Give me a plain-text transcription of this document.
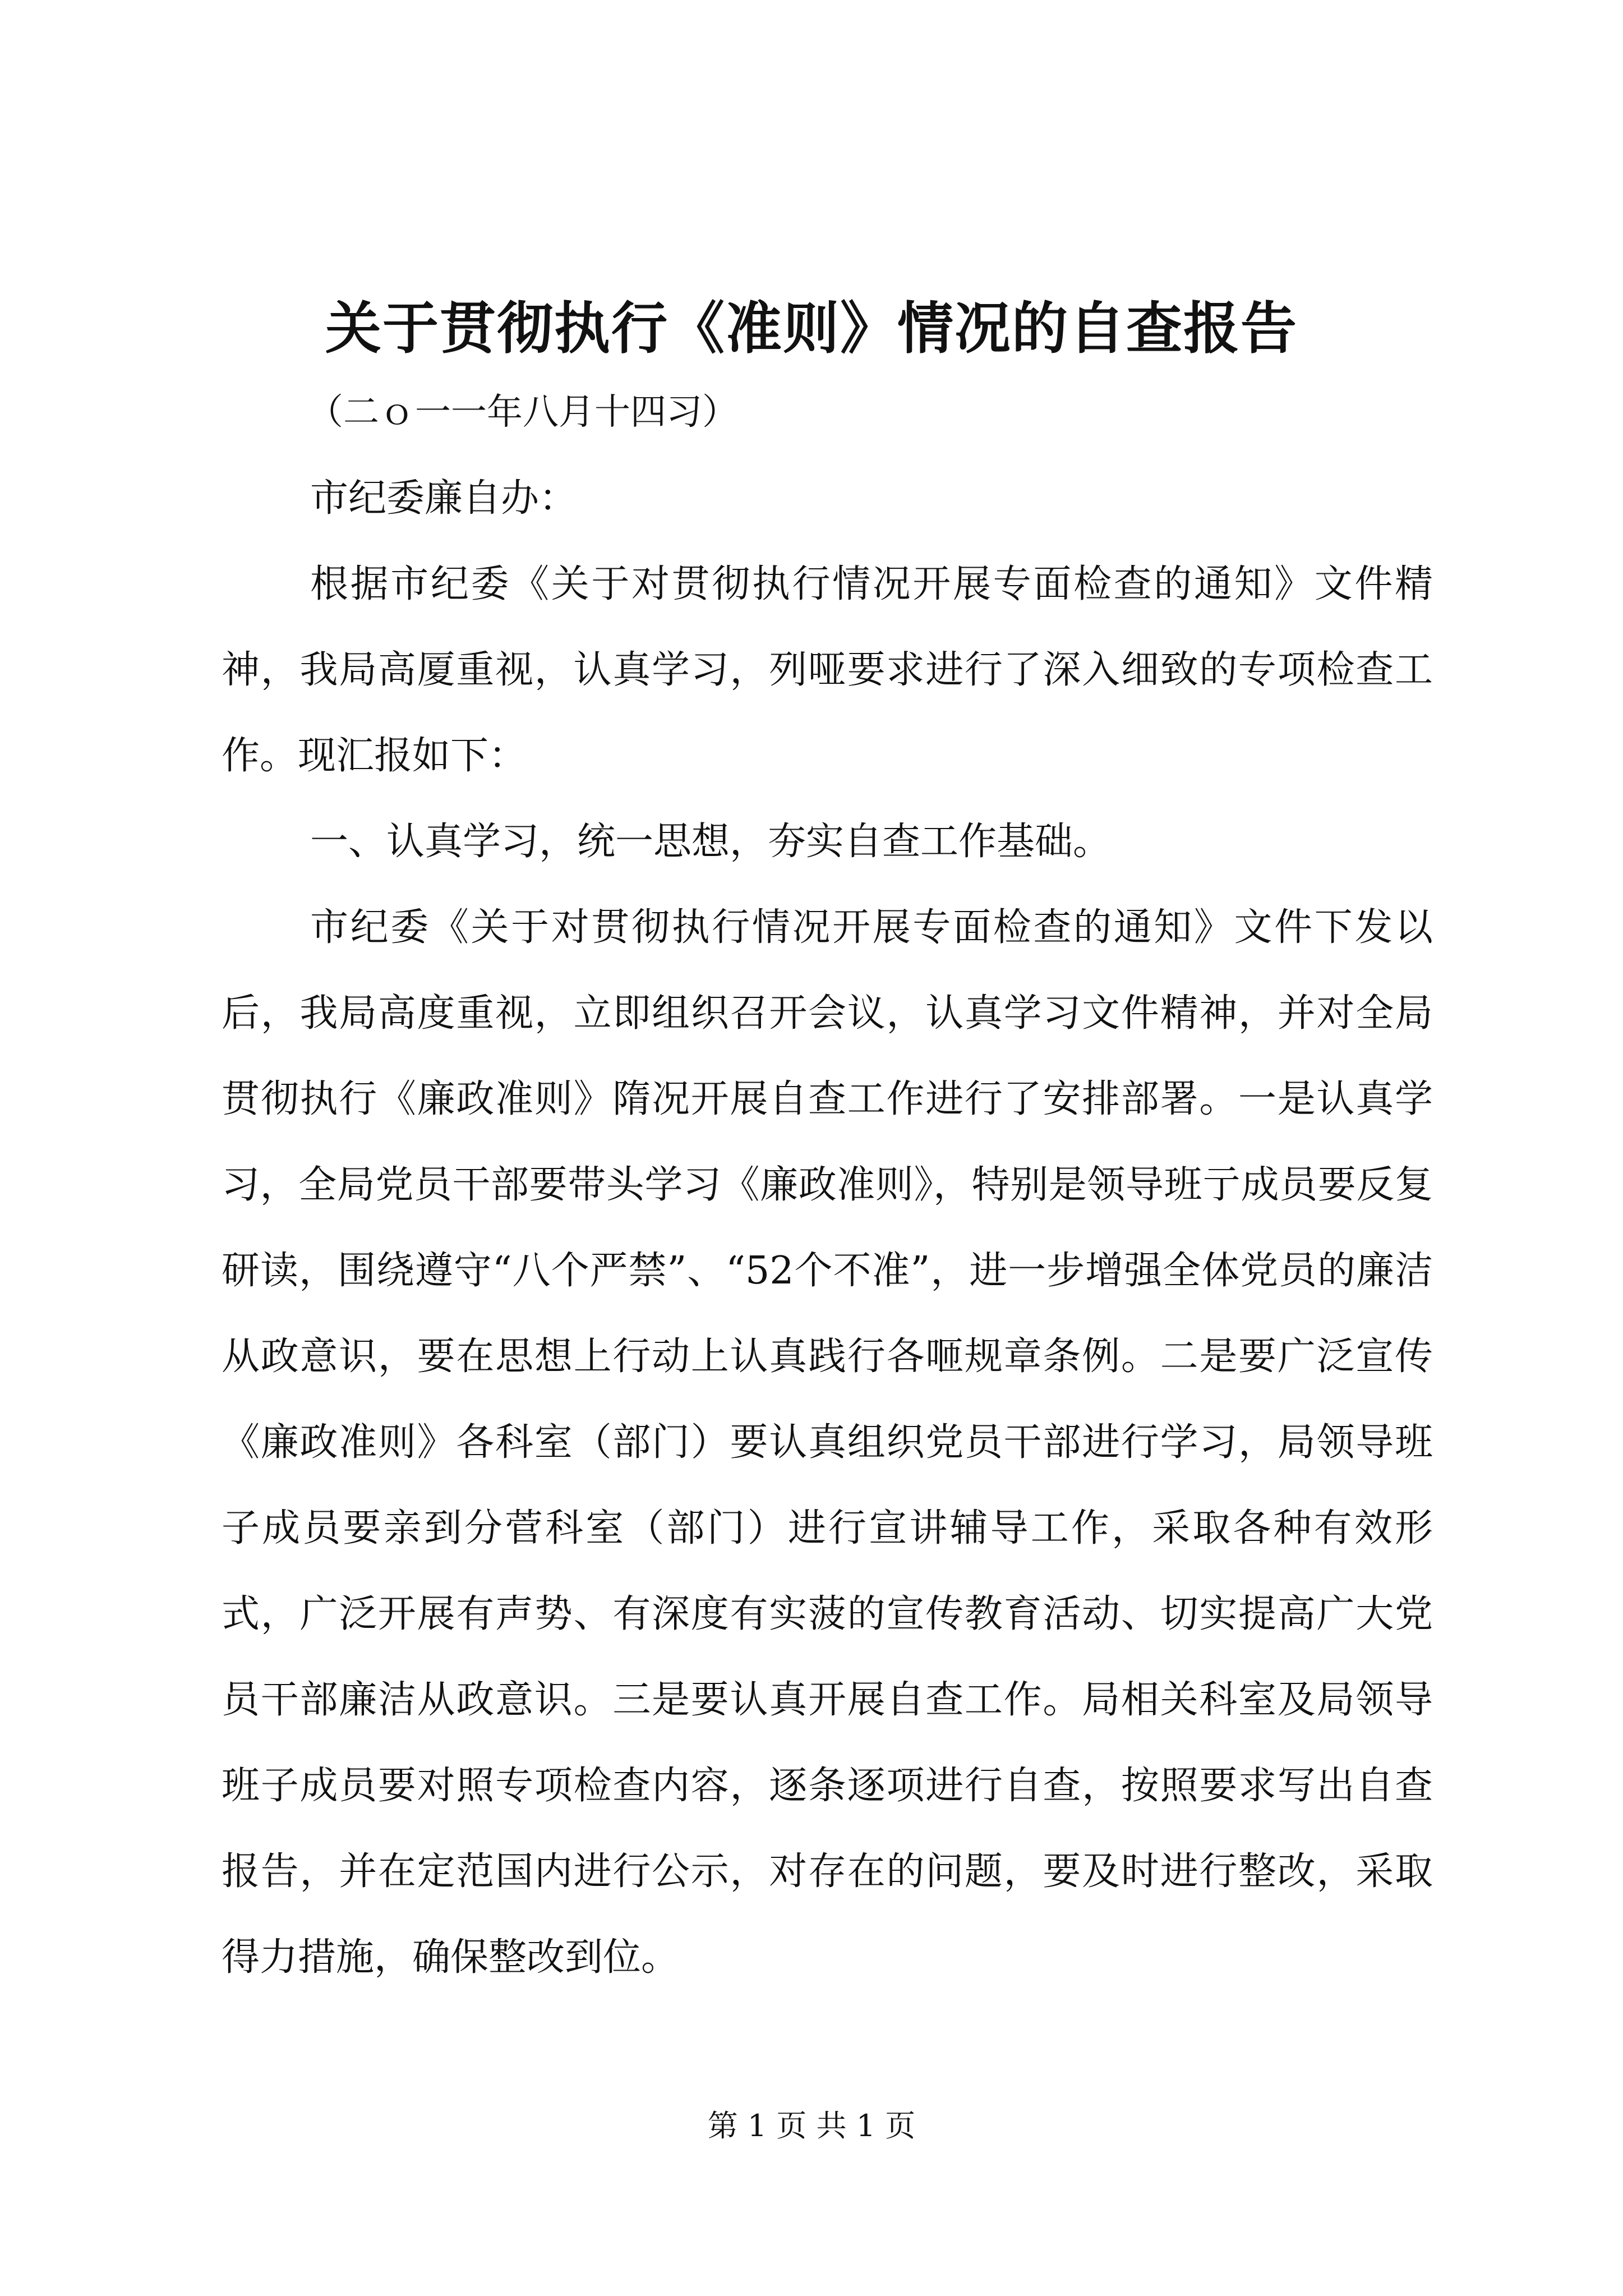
关于贯彻执行《准则》情况的自查报告
（二ｏ一一年八月十四习）
市纪委廉自办：
根据市纪委《关于对贯彻执行情况开展专面检查的通知》文件精神，我局高厦重视，认真学习，列哑要求进行了深入细致的专项检查工作。现汇报如下：
一、认真学习，统一思想，夯实自查工作基础。
市纪委《关于对贯彻执行情况开展专面检查的通知》文件下发以后，我局高度重视，立即组织召开会议，认真学习文件精神，并对全局贯彻执行《廉政准则》隋况开展自查工作进行了安排部署。一是认真学习，全局党员干部要带头学习《廉政准则》，特别是领导班亍成员要反复研读，围绕遵守“八个严禁”、“52个不准”，进一步增强全体党员的廉洁从政意识，要在思想上行动上认真践行各咂规章条例。二是要广泛宣传《廉政准则》各科室（部门）要认真组织党员干部进行学习，局领导班子成员要亲到分菅科室（部门）进行宣讲辅导工作，采取各种有效形式，广泛开展有声势、有深度有实菠的宣传教育活动、切实提高广大党员干部廉洁从政意识。三是要认真开展自查工作。局相关科室及局领导班子成员要对照专项检查内容，逐条逐项进行自查，按照要求写出自查报告，并在定范国内进行公示，对存在的问题，要及时进行整改，采取得力措施，确保整改到位。
第 1 页 共 1 页
